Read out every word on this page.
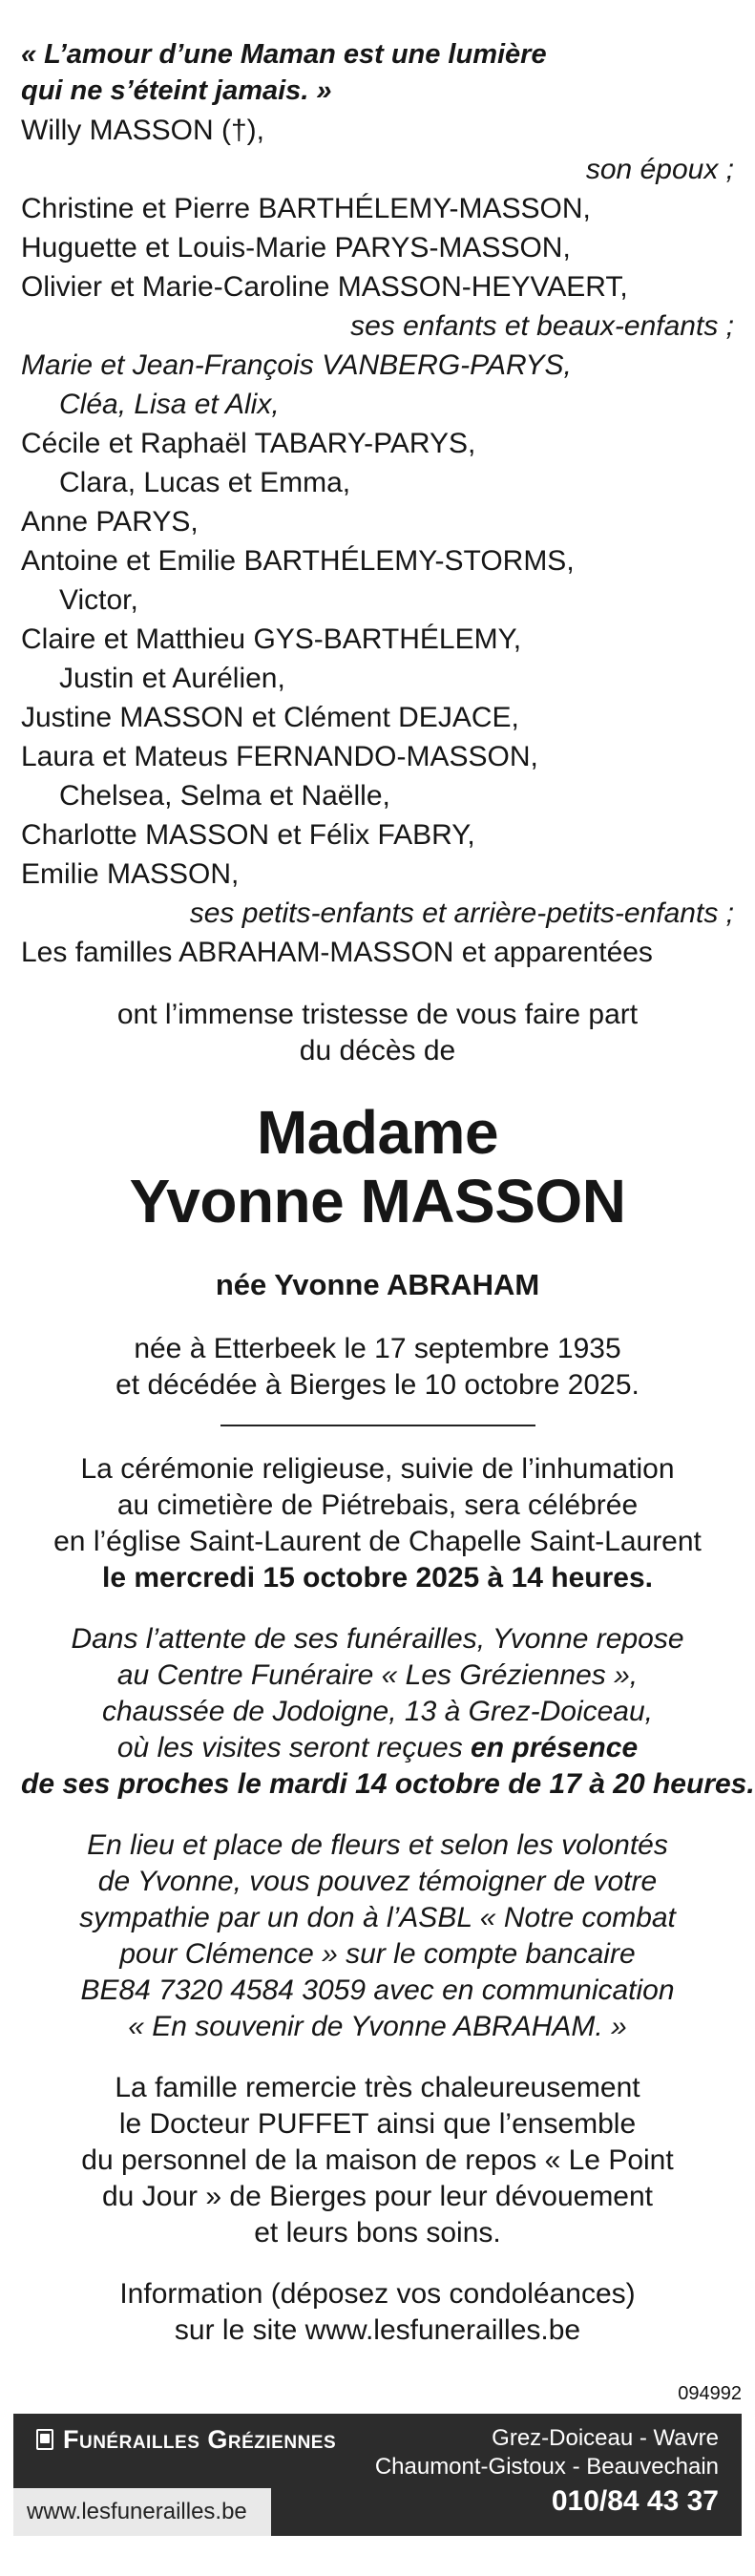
« L’amour d’une Maman est une lumière
qui ne s’éteint jamais. »
Willy MASSON (†),
son époux ;
Christine et Pierre BARTHÉLEMY-MASSON,
Huguette et Louis-Marie PARYS-MASSON,
Olivier et Marie-Caroline MASSON-HEYVAERT,
ses enfants et beaux-enfants ;
Marie et Jean-François VANBERG-PARYS,
Cléa, Lisa et Alix,
Cécile et Raphaël TABARY-PARYS,
Clara, Lucas et Emma,
Anne PARYS,
Antoine et Emilie BARTHÉLEMY-STORMS,
Victor,
Claire et Matthieu GYS-BARTHÉLEMY,
Justin et Aurélien,
Justine MASSON et Clément DEJACE,
Laura et Mateus FERNANDO-MASSON,
Chelsea, Selma et Naëlle,
Charlotte MASSON et Félix FABRY,
Emilie MASSON,
ses petits-enfants et arrière-petits-enfants ;
Les familles ABRAHAM-MASSON et apparentées
ont l’immense tristesse de vous faire part
du décès de
Madame
Yvonne MASSON
née Yvonne ABRAHAM
née à Etterbeek le 17 septembre 1935
et décédée à Bierges le 10 octobre 2025.
La cérémonie religieuse, suivie de l’inhumation
au cimetière de Piétrebais, sera célébrée
en l’église Saint-Laurent de Chapelle Saint-Laurent
le mercredi 15 octobre 2025 à 14 heures.
Dans l’attente de ses funérailles, Yvonne repose
au Centre Funéraire « Les Gréziennes »,
chaussée de Jodoigne, 13 à Grez-Doiceau,
où les visites seront reçues en présence
de ses proches le mardi 14 octobre de 17 à 20 heures.
En lieu et place de fleurs et selon les volontés
de Yvonne, vous pouvez témoigner de votre
sympathie par un don à l’ASBL « Notre combat
pour Clémence » sur le compte bancaire
BE84 7320 4584 3059 avec en communication
« En souvenir de Yvonne ABRAHAM. »
La famille remercie très chaleureusement
le Docteur PUFFET ainsi que l’ensemble
du personnel de la maison de repos « Le Point
du Jour » de Bierges pour leur dévouement
et leurs bons soins.
Information (déposez vos condoléances)
sur le site www.lesfunerailles.be
094992
Funérailles Gréziennes	Grez-Doiceau - Wavre
Chaumont-Gistoux - Beauvechain
010/84 43 37
www.lesfunerailles.be
